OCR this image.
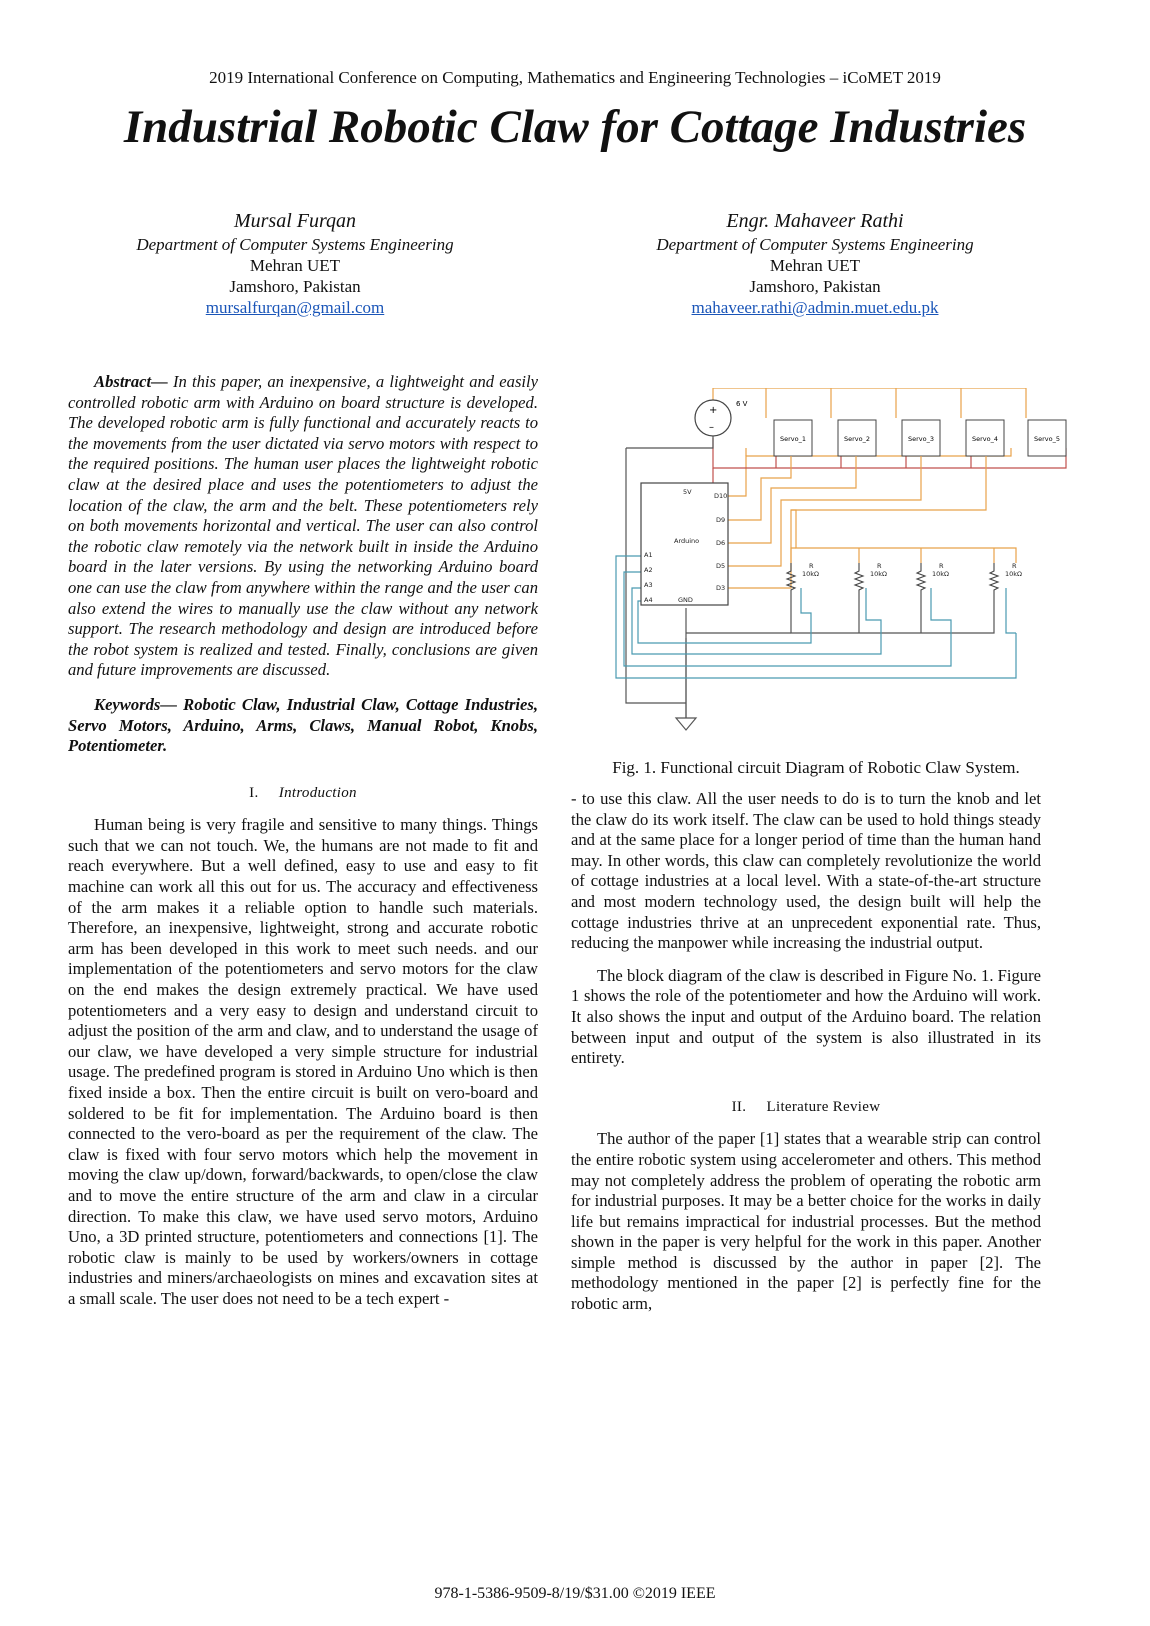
2019 International Conference on Computing, Mathematics and Engineering Technologies – iCoMET 2019
Industrial Robotic Claw for Cottage Industries
Mursal Furqan
Department of Computer Systems Engineering
Mehran UET
Jamshoro, Pakistan
mursalfurqan@gmail.com
Engr. Mahaveer Rathi
Department of Computer Systems Engineering
Mehran UET
Jamshoro, Pakistan
mahaveer.rathi@admin.muet.edu.pk

Abstract— In this paper, an inexpensive, a lightweight and easily controlled robotic arm with Arduino on board structure is developed. The developed robotic arm is fully functional and accurately reacts to the movements from the user dictated via servo motors with respect to the required positions. The human user places the lightweight robotic claw at the desired place and uses the potentiometers to adjust the location of the claw, the arm and the belt. These potentiometers rely on both movements horizontal and vertical. The user can also control the robotic claw remotely via the network built in inside the Arduino board in the later versions. By using the networking Arduino board one can use the claw from anywhere within the range and the user can also extend the wires to manually use the claw without any network support. The research methodology and design are introduced before the robot system is realized and tested. Finally, conclusions are given and future improvements are discussed.

Keywords— Robotic Claw, Industrial Claw, Cottage Industries, Servo Motors, Arduino, Arms, Claws, Manual Robot, Knobs, Potentiometer.

I. Introduction

Human being is very fragile and sensitive to many things. Things such that we can not touch. We, the humans are not made to fit and reach everywhere. But a well defined, easy to use and easy to fit machine can work all this out for us. The accuracy and effectiveness of the arm makes it a reliable option to handle such materials. Therefore, an inexpensive, lightweight, strong and accurate robotic arm has been developed in this work to meet such needs. and our implementation of the potentiometers and servo motors for the claw on the end makes the design extremely practical. We have used potentiometers and a very easy to design and understand circuit to adjust the position of the arm and claw, and to understand the usage of our claw, we have developed a very simple structure for industrial usage. The predefined program is stored in Arduino Uno which is then fixed inside a box. Then the entire circuit is built on vero-board and soldered to be fit for implementation. The Arduino board is then connected to the vero-board as per the requirement of the claw. The claw is fixed with four servo motors which help the movement in moving the claw up/down, forward/backwards, to open/close the claw and to move the entire structure of the arm and claw in a circular direction. To make this claw, we have used servo motors, Arduino Uno, a 3D printed structure, potentiometers and connections [1]. The robotic claw is mainly to be used by workers/owners in cottage industries and miners/archaeologists on mines and excavation sites at a small scale. The user does not need to be a tech expert -

+
–
6 V
Servo_1	Servo_2	Servo_3	Servo_4	Servo_5
Arduino
5V	D10
D9
D6
D5
D3
A1
A2
A3
A4	GND
R
10kΩ
R
10kΩ
R
10kΩ
R
10kΩ
Fig. 1. Functional circuit Diagram of Robotic Claw System.

- to use this claw. All the user needs to do is to turn the knob and let the claw do its work itself. The claw can be used to hold things steady and at the same place for a longer period of time than the human hand may. In other words, this claw can completely revolutionize the world of cottage industries at a local level. With a state-of-the-art structure and most modern technology used, the design built will help the cottage industries thrive at an unprecedent exponential rate. Thus, reducing the manpower while increasing the industrial output.

The block diagram of the claw is described in Figure No. 1. Figure 1 shows the role of the potentiometer and how the Arduino will work. It also shows the input and output of the Arduino board. The relation between input and output of the system is also illustrated in its entirety.

II. Literature Review

The author of the paper [1] states that a wearable strip can control the entire robotic system using accelerometer and others. This method may not completely address the problem of operating the robotic arm for industrial purposes. It may be a better choice for the works in daily life but remains impractical for industrial processes. But the method shown in the paper is very helpful for the work in this paper. Another simple method is discussed by the author in paper [2]. The methodology mentioned in the paper [2] is perfectly fine for the robotic arm,

978-1-5386-9509-8/19/$31.00 ©2019 IEEE
